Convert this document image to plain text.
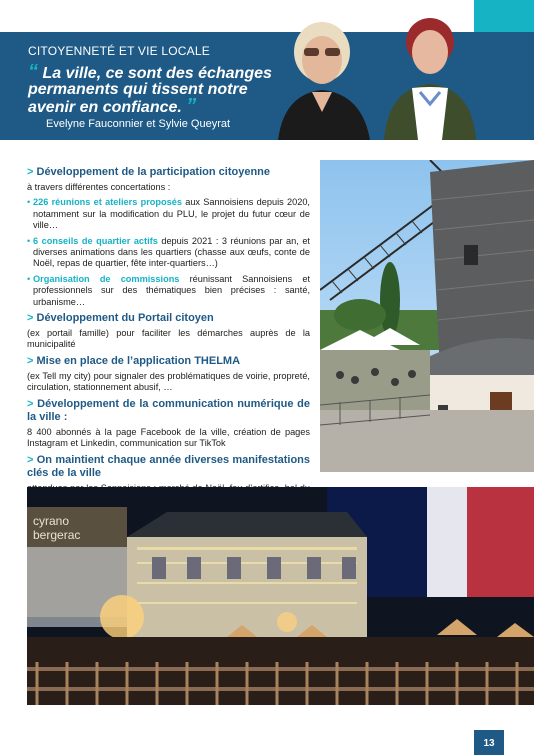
CITOYENNETÉ ET VIE LOCALE
“ La ville, ce sont des échanges permanents qui tissent notre avenir en confiance. ”
Evelyne Fauconnier et Sylvie Queyrat
> Développement de la participation citoyenne
à travers différentes concertations :
• 226 réunions et ateliers proposés aux Sannoisiens depuis 2020, notamment sur la modification du PLU, le projet du futur cœur de ville…
• 6 conseils de quartier actifs depuis 2021 : 3 réunions par an, et diverses animations dans les quartiers (chasse aux œufs, conte de Noël, repas de quartier, fête inter-quartiers…)
• Organisation de commissions réunissant Sannoisiens et professionnels sur des thématiques bien précises : santé, urbanisme…
> Développement du Portail citoyen
(ex portail famille) pour faciliter les démarches auprès de la municipalité
> Mise en place de l’application THELMA
(ex Tell my city) pour signaler des problématiques de voirie, propreté, circulation, stationnement abusif, …
> Développement de la communication numérique de la ville :
8 400 abonnés à la page Facebook de la ville, création de pages Instagram et Linkedin, communication sur TikTok
> On maintient chaque année diverses manifestations clés de la ville
cyrano
bergerac
13
